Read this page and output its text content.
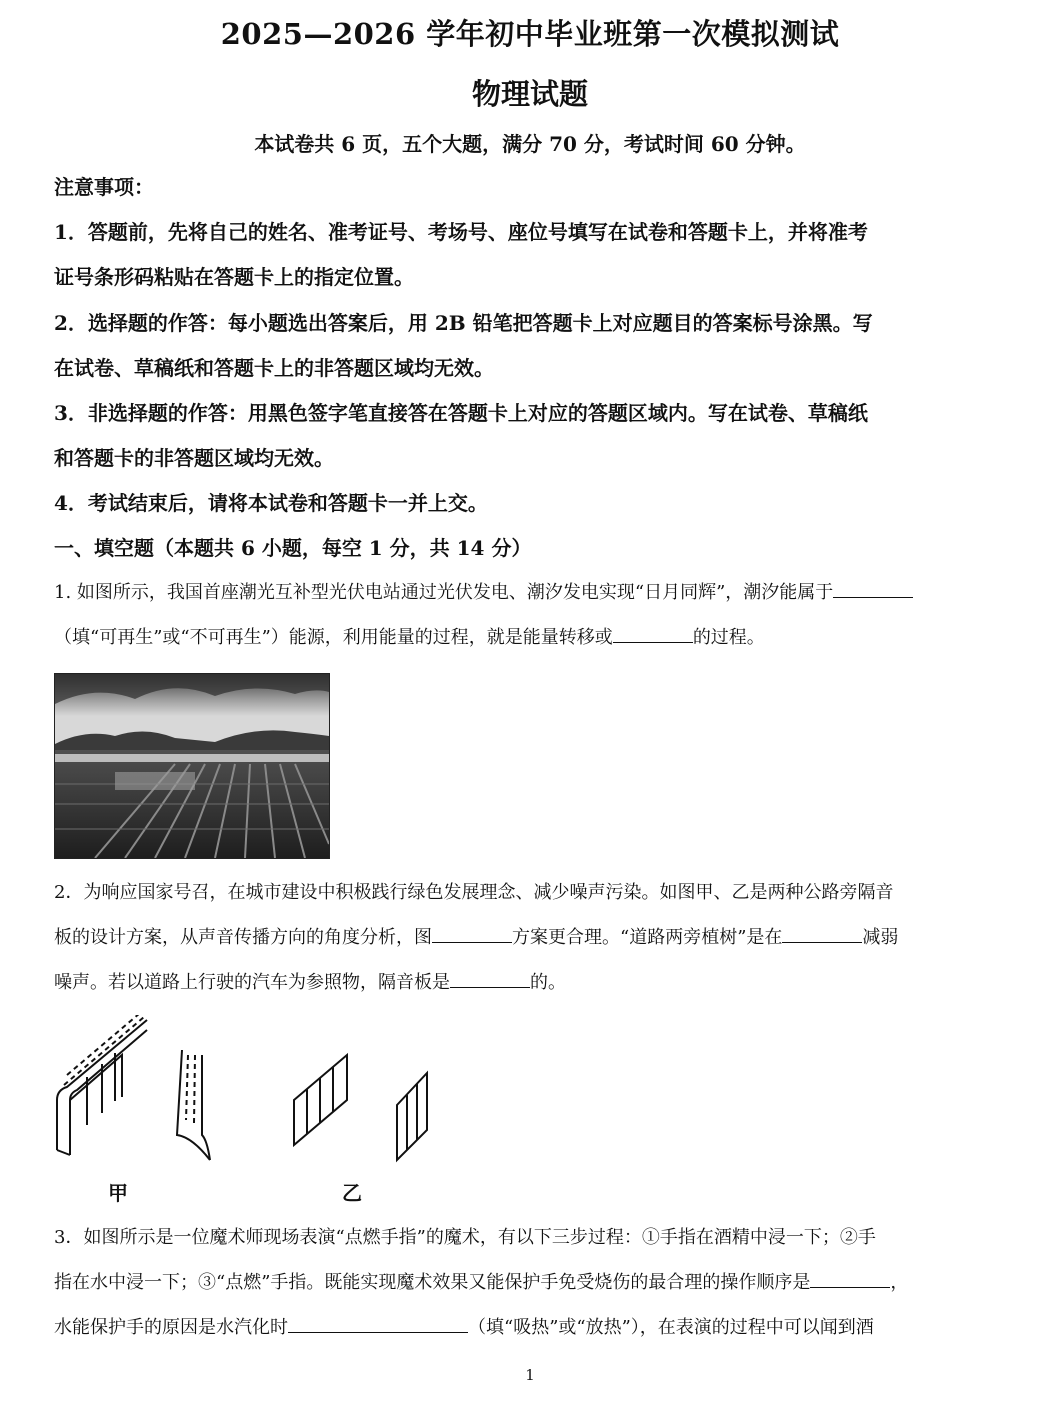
2025—2026 学年初中毕业班第一次模拟测试
物理试题
本试卷共 6 页，五个大题，满分 70 分，考试时间 60 分钟。
注意事项：
1．答题前，先将自己的姓名、准考证号、考场号、座位号填写在试卷和答题卡上，并将准考
证号条形码粘贴在答题卡上的指定位置。
2．选择题的作答：每小题选出答案后，用 2B 铅笔把答题卡上对应题目的答案标号涂黑。写
在试卷、草稿纸和答题卡上的非答题区域均无效。
3．非选择题的作答：用黑色签字笔直接答在答题卡上对应的答题区域内。写在试卷、草稿纸
和答题卡的非答题区域均无效。
4．考试结束后，请将本试卷和答题卡一并上交。
一、填空题（本题共 6 小题，每空 1 分，共 14 分）
1. 如图所示，我国首座潮光互补型光伏电站通过光伏发电、潮汐发电实现“日月同辉”，潮汐能属于
（填“可再生”或“不可再生”）能源，利用能量的过程，就是能量转移或	的过程。
2．为响应国家号召，在城市建设中积极践行绿色发展理念、减少噪声污染。如图甲、乙是两种公路旁隔音
板的设计方案，从声音传播方向的角度分析，图	方案更合理。“道路两旁植树”是在	减弱
噪声。若以道路上行驶的汽车为参照物，隔音板是	的。
甲	乙
3．如图所示是一位魔术师现场表演“点燃手指”的魔术，有以下三步过程：①手指在酒精中浸一下；②手
指在水中浸一下；③“点燃”手指。既能实现魔术效果又能保护手免受烧伤的最合理的操作顺序是	，
水能保护手的原因是水汽化时	（填“吸热”或“放热”），在表演的过程中可以闻到酒
1
